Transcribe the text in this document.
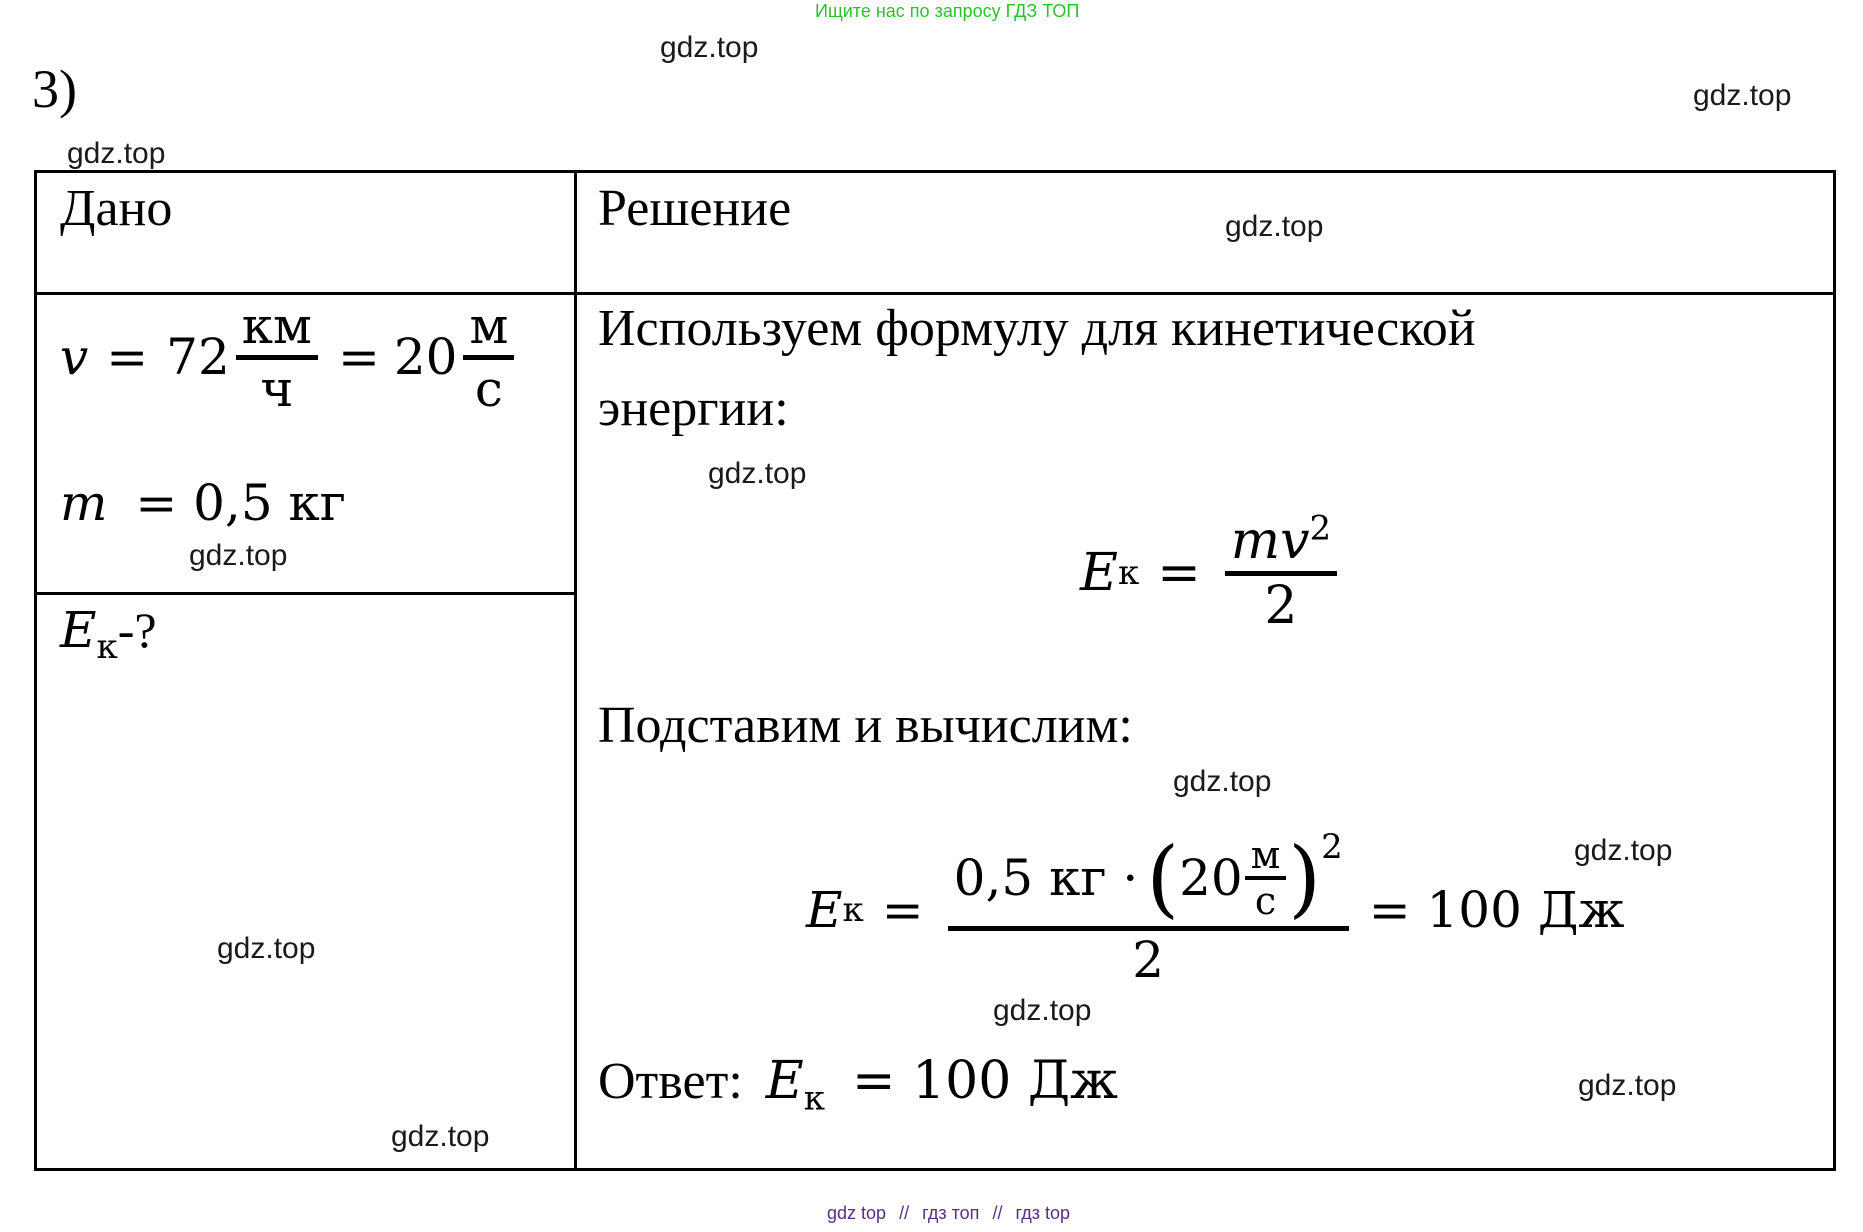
Ищите нас по запросу ГДЗ ТОП
3)
gdz.top
gdz.top
gdz.top
gdz.top
gdz.top
gdz.top
gdz.top
gdz.top
gdz.top
gdz.top
gdz.top
gdz.top
Дано	Решение
$v = 72 \frac{км}{ч} = 20 \frac{м}{с}$
m = 0,5 кг
$E_к-$?
Используем формулу для кинетической
энергии:
E $к = \frac{mv^2}{2}$
Подставим и вычислим:
E к =
0,5 кг · ( $20 \frac{м}{с}$ ) 2
2
= 100 Дж
Ответ: $E_к = 100$ Дж
gdz top // гдз топ // гдз top
